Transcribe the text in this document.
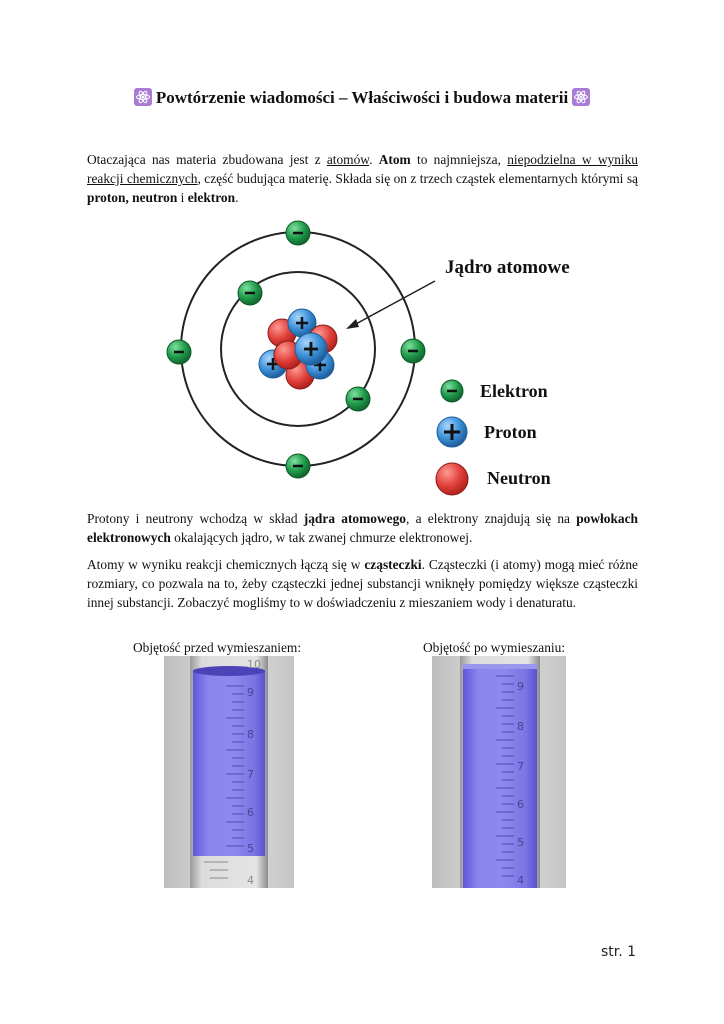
Powtórzenie wiadomości – Właściwości i budowa materii

Otaczająca nas materia zbudowana jest z atomów. Atom to najmniejsza, niepodzielna w wyniku reakcji chemicznych, część budująca materię. Składa się on z trzech cząstek elementarnych którymi są proton, neutron i elektron.

Jądro atomowe
Elektron
Proton
Neutron

Protony i neutrony wchodzą w skład jądra atomowego, a elektrony znajdują się na powłokach elektronowych okalających jądro, w tak zwanej chmurze elektronowej.

Atomy w wyniku reakcji chemicznych łączą się w cząsteczki. Cząsteczki (i atomy) mogą mieć różne rozmiary, co pozwala na to, żeby cząsteczki jednej substancji wniknęły pomiędzy większe cząsteczki innej substancji. Zobaczyć mogliśmy to w doświadczeniu z mieszaniem wody i denaturatu.

Objętość przed wymieszaniem:	Objętość po wymieszaniu:
10
9
8
7
6
5
4
9
8
7
6
5
4
str. 1
